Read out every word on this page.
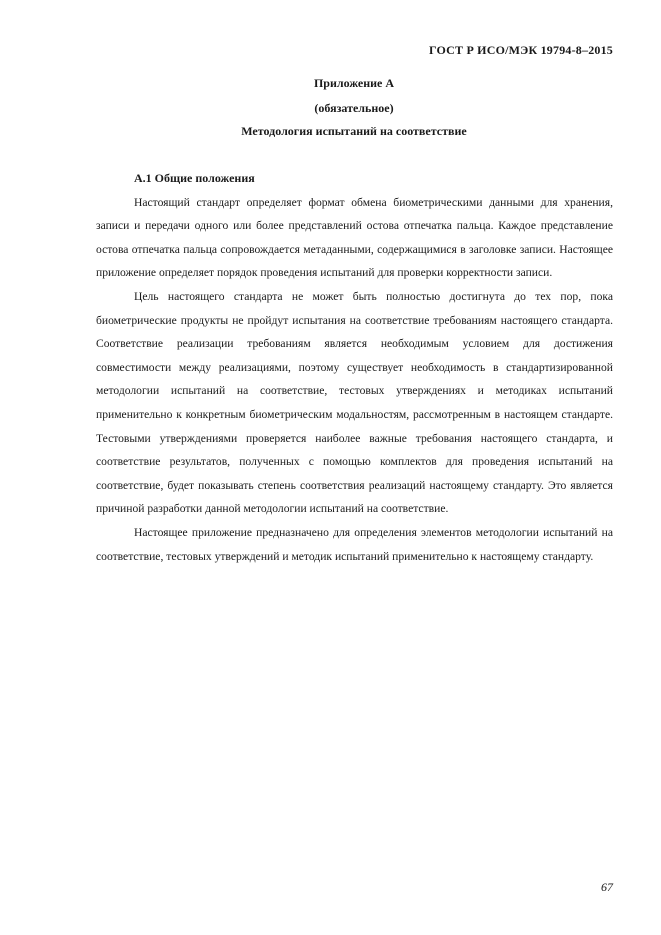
ГОСТ Р ИСО/МЭК 19794-8–2015
Приложение А
(обязательное)
Методология испытаний на соответствие

А.1 Общие положения

Настоящий стандарт определяет формат обмена биометрическими данными для хранения, записи и передачи одного или более представлений остова отпечатка пальца. Каждое представление остова отпечатка пальца сопровождается метаданными, содержащимися в заголовке записи. Настоящее приложение определяет порядок проведения испытаний для проверки корректности записи.

Цель настоящего стандарта не может быть полностью достигнута до тех пор, пока биометрические продукты не пройдут испытания на соответствие требованиям настоящего стандарта. Соответствие реализации требованиям является необходимым условием для достижения совместимости между реализациями, поэтому существует необходимость в стандартизированной методологии испытаний на соответствие, тестовых утверждениях и методиках испытаний применительно к конкретным биометрическим модальностям, рассмотренным в настоящем стандарте. Тестовыми утверждениями проверяется наиболее важные требования настоящего стандарта, и соответствие результатов, полученных с помощью комплектов для проведения испытаний на соответствие, будет показывать степень соответствия реализаций настоящему стандарту. Это является причиной разработки данной методологии испытаний на соответствие.

Настоящее приложение предназначено для определения элементов методологии испытаний на соответствие, тестовых утверждений и методик испытаний применительно к настоящему стандарту.

67
